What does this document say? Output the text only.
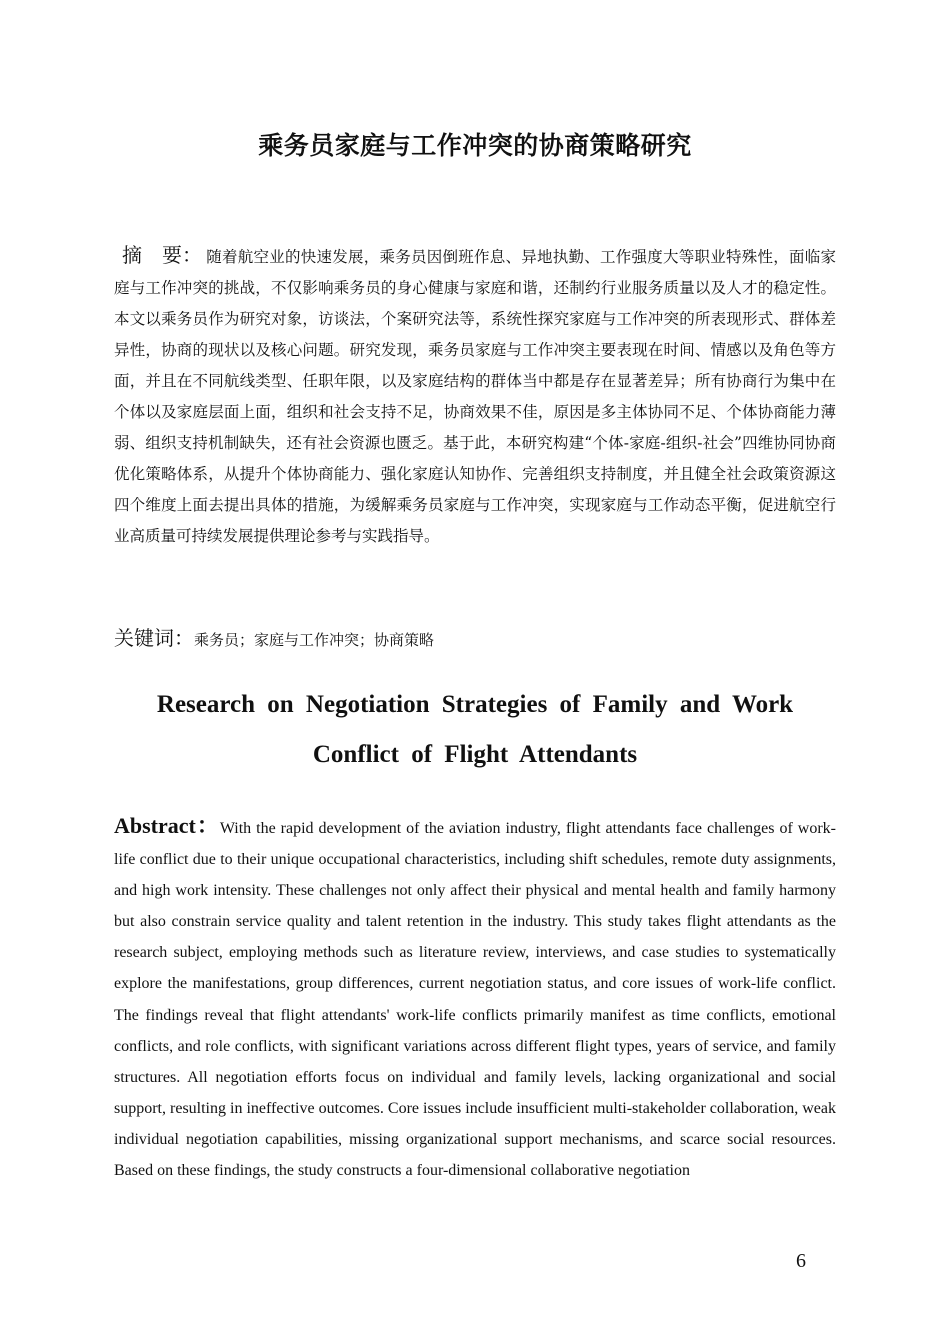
乘务员家庭与工作冲突的协商策略研究
摘　要： 随着航空业的快速发展，乘务员因倒班作息、异地执勤、工作强度大等职业特殊性，面临家庭与工作冲突的挑战，不仅影响乘务员的身心健康与家庭和谐，还制约行业服务质量以及人才的稳定性。本文以乘务员作为研究对象，访谈法，个案研究法等，系统性探究家庭与工作冲突的所表现形式、群体差异性，协商的现状以及核心问题。研究发现，乘务员家庭与工作冲突主要表现在时间、情感以及角色等方面，并且在不同航线类型、任职年限，以及家庭结构的群体当中都是存在显著差异；所有协商行为集中在个体以及家庭层面上面，组织和社会支持不足，协商效果不佳，原因是多主体协同不足、个体协商能力薄弱、组织支持机制缺失，还有社会资源也匮乏。基于此，本研究构建“个体-家庭-组织-社会”四维协同协商优化策略体系，从提升个体协商能力、强化家庭认知协作、完善组织支持制度，并且健全社会政策资源这四个维度上面去提出具体的措施，为缓解乘务员家庭与工作冲突，实现家庭与工作动态平衡，促进航空行业高质量可持续发展提供理论参考与实践指导。
关键词：乘务员；家庭与工作冲突；协商策略
Research on Negotiation Strategies of Family and Work
Conflict of Flight Attendants
Abstract：With the rapid development of the aviation industry, flight attendants face challenges of work-life conflict due to their unique occupational characteristics, including shift schedules, remote duty assignments, and high work intensity. These challenges not only affect their physical and mental health and family harmony but also constrain service quality and talent retention in the industry. This study takes flight attendants as the research subject, employing methods such as literature review, interviews, and case studies to systematically explore the manifestations, group differences, current negotiation status, and core issues of work-life conflict. The findings reveal that flight attendants' work-life conflicts primarily manifest as time conflicts, emotional conflicts, and role conflicts, with significant variations across different flight types, years of service, and family structures. All negotiation efforts focus on individual and family levels, lacking organizational and social support, resulting in ineffective outcomes. Core issues include insufficient multi-stakeholder collaboration, weak individual negotiation capabilities, missing organizational support mechanisms, and scarce social resources. Based on these findings, the study constructs a four-dimensional collaborative negotiation
6
